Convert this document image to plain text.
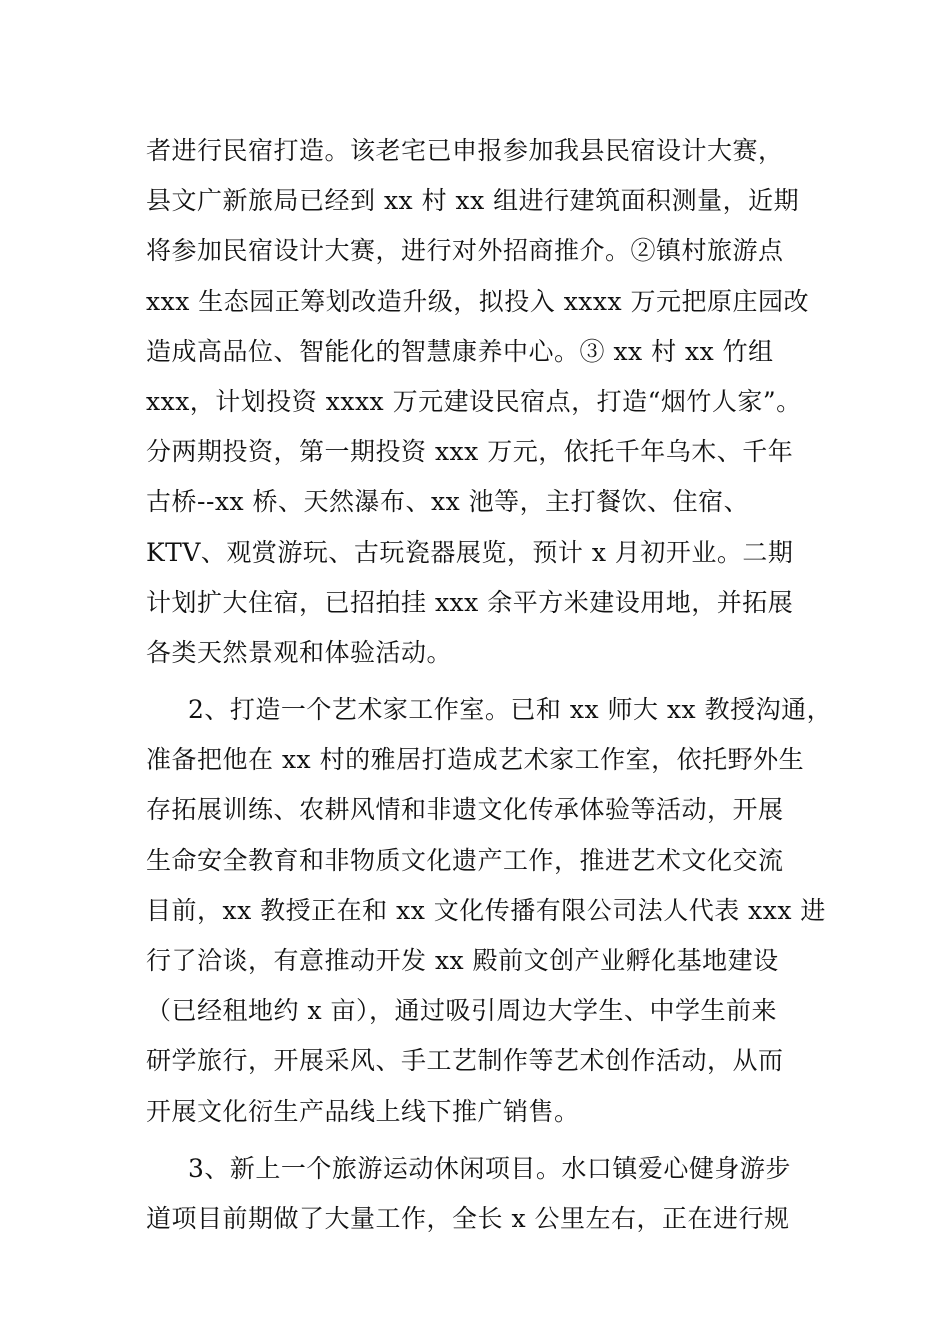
者进行民宿打造。该老宅已申报参加我县民宿设计大赛，
县文广新旅局已经到 xx 村 xx 组进行建筑面积测量，近期
将参加民宿设计大赛，进行对外招商推介。②镇村旅游点
xxx 生态园正筹划改造升级，拟投入 xxxx 万元把原庄园改
造成高品位、智能化的智慧康养中心。③ xx 村 xx 竹组
xxx，计划投资 xxxx 万元建设民宿点，打造“烟竹人家”。
分两期投资，第一期投资 xxx 万元，依托千年乌木、千年
古桥--xx 桥、天然瀑布、xx 池等，主打餐饮、住宿、
KTV、观赏游玩、古玩瓷器展览，预计 x 月初开业。二期
计划扩大住宿，已招拍挂 xxx 余平方米建设用地，并拓展
各类天然景观和体验活动。
2、打造一个艺术家工作室。已和 xx 师大 xx 教授沟通，
准备把他在 xx 村的雅居打造成艺术家工作室，依托野外生
存拓展训练、农耕风情和非遗文化传承体验等活动，开展
生命安全教育和非物质文化遗产工作，推进艺术文化交流
目前，xx 教授正在和 xx 文化传播有限公司法人代表 xxx 进
行了洽谈，有意推动开发 xx 殿前文创产业孵化基地建设
（已经租地约 x 亩），通过吸引周边大学生、中学生前来
研学旅行，开展采风、手工艺制作等艺术创作活动，从而
开展文化衍生产品线上线下推广销售。
3、新上一个旅游运动休闲项目。水口镇爱心健身游步
道项目前期做了大量工作，全长 x 公里左右，正在进行规
